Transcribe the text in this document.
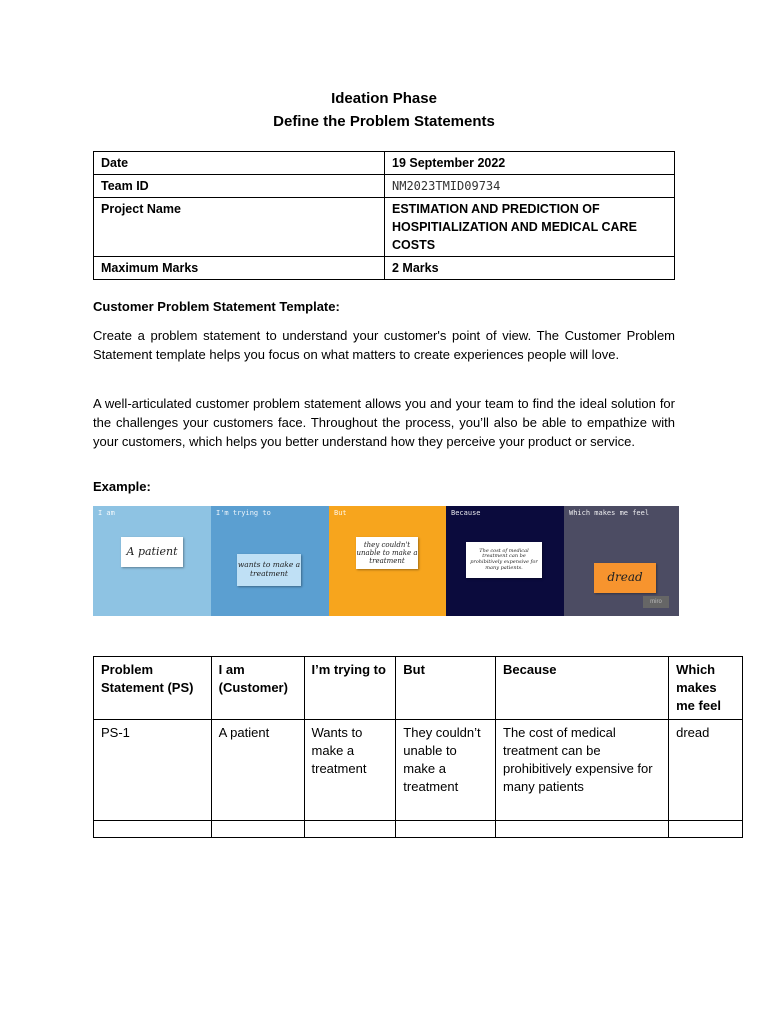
Ideation Phase
Define the Problem Statements
Date	19 September 2022
Team ID	NM2023TMID09734
Project Name	ESTIMATION AND PREDICTION OF HOSPITIALIZATION AND MEDICAL CARE COSTS
Maximum Marks	2 Marks
Customer Problem Statement Template:

Create a problem statement to understand your customer's point of view. The Customer Problem Statement template helps you focus on what matters to create experiences people will love.

A well-articulated customer problem statement allows you and your team to find the ideal solution for the challenges your customers face. Throughout the process, you’ll also be able to empathize with your customers, which helps you better understand how they perceive your product or service.

Example:
I am
A patient
I'm trying to
wants to make a treatment
But
they couldn't unable to make a treatment
Because
The cost of medical treatment can be prohibitively expensive for many patients.
Which makes me feel
dread
miro
Problem Statement (PS)	I am (Customer)	I’m trying to	But	Because	Which makes me feel
PS-1	A patient	Wants to make a treatment	They couldn’t unable to make a treatment	The cost of medical treatment can be prohibitively expensive for many patients	dread
